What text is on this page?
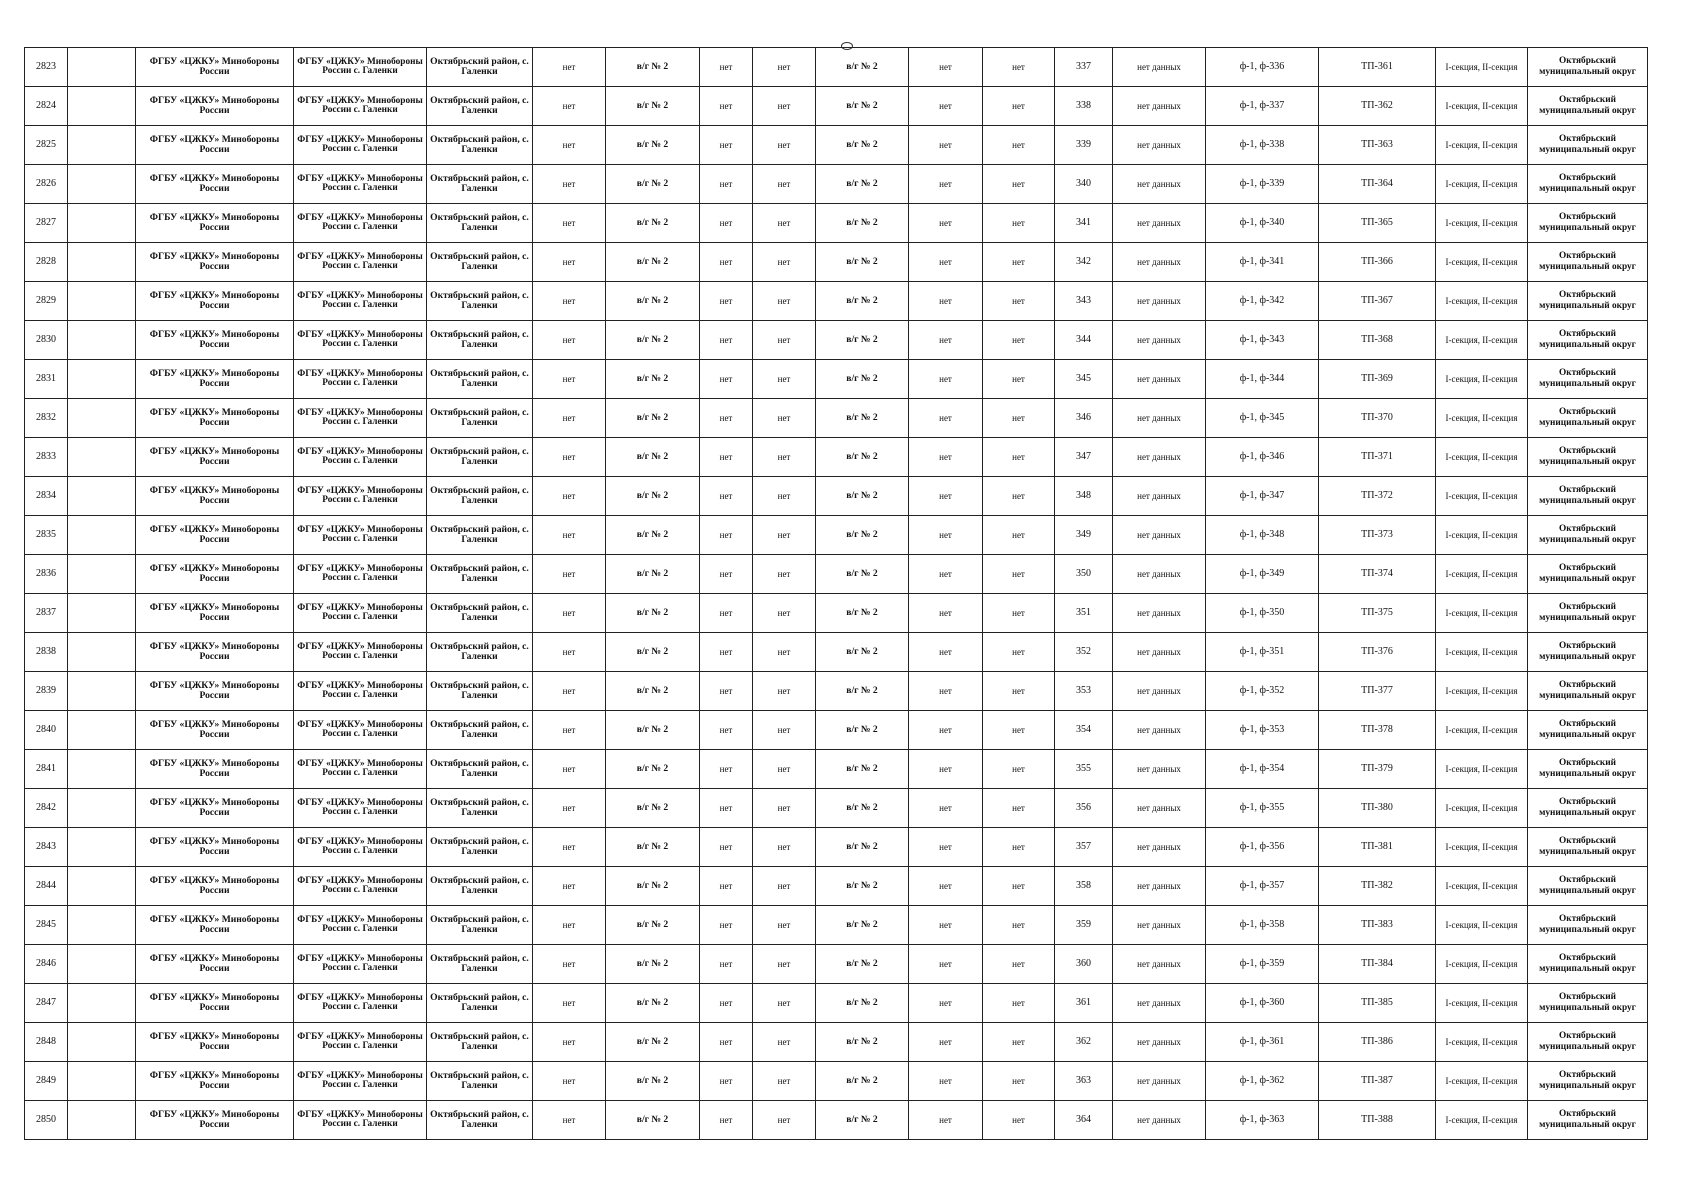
2823		ФГБУ «ЦЖКУ» Минобороны России	ФГБУ «ЦЖКУ» Минобороны России с. Галенки	Октябрьский район, с. Галенки	нет	в/г № 2	нет	нет	в/г № 2	нет	нет	337	нет данных	ф-1, ф-336	ТП-361	I-секция, II-секция	Октябрьский муниципальный округ
2824		ФГБУ «ЦЖКУ» Минобороны России	ФГБУ «ЦЖКУ» Минобороны России с. Галенки	Октябрьский район, с. Галенки	нет	в/г № 2	нет	нет	в/г № 2	нет	нет	338	нет данных	ф-1, ф-337	ТП-362	I-секция, II-секция	Октябрьский муниципальный округ
2825		ФГБУ «ЦЖКУ» Минобороны России	ФГБУ «ЦЖКУ» Минобороны России с. Галенки	Октябрьский район, с. Галенки	нет	в/г № 2	нет	нет	в/г № 2	нет	нет	339	нет данных	ф-1, ф-338	ТП-363	I-секция, II-секция	Октябрьский муниципальный округ
2826		ФГБУ «ЦЖКУ» Минобороны России	ФГБУ «ЦЖКУ» Минобороны России с. Галенки	Октябрьский район, с. Галенки	нет	в/г № 2	нет	нет	в/г № 2	нет	нет	340	нет данных	ф-1, ф-339	ТП-364	I-секция, II-секция	Октябрьский муниципальный округ
2827		ФГБУ «ЦЖКУ» Минобороны России	ФГБУ «ЦЖКУ» Минобороны России с. Галенки	Октябрьский район, с. Галенки	нет	в/г № 2	нет	нет	в/г № 2	нет	нет	341	нет данных	ф-1, ф-340	ТП-365	I-секция, II-секция	Октябрьский муниципальный округ
2828		ФГБУ «ЦЖКУ» Минобороны России	ФГБУ «ЦЖКУ» Минобороны России с. Галенки	Октябрьский район, с. Галенки	нет	в/г № 2	нет	нет	в/г № 2	нет	нет	342	нет данных	ф-1, ф-341	ТП-366	I-секция, II-секция	Октябрьский муниципальный округ
2829		ФГБУ «ЦЖКУ» Минобороны России	ФГБУ «ЦЖКУ» Минобороны России с. Галенки	Октябрьский район, с. Галенки	нет	в/г № 2	нет	нет	в/г № 2	нет	нет	343	нет данных	ф-1, ф-342	ТП-367	I-секция, II-секция	Октябрьский муниципальный округ
2830		ФГБУ «ЦЖКУ» Минобороны России	ФГБУ «ЦЖКУ» Минобороны России с. Галенки	Октябрьский район, с. Галенки	нет	в/г № 2	нет	нет	в/г № 2	нет	нет	344	нет данных	ф-1, ф-343	ТП-368	I-секция, II-секция	Октябрьский муниципальный округ
2831		ФГБУ «ЦЖКУ» Минобороны России	ФГБУ «ЦЖКУ» Минобороны России с. Галенки	Октябрьский район, с. Галенки	нет	в/г № 2	нет	нет	в/г № 2	нет	нет	345	нет данных	ф-1, ф-344	ТП-369	I-секция, II-секция	Октябрьский муниципальный округ
2832		ФГБУ «ЦЖКУ» Минобороны России	ФГБУ «ЦЖКУ» Минобороны России с. Галенки	Октябрьский район, с. Галенки	нет	в/г № 2	нет	нет	в/г № 2	нет	нет	346	нет данных	ф-1, ф-345	ТП-370	I-секция, II-секция	Октябрьский муниципальный округ
2833		ФГБУ «ЦЖКУ» Минобороны России	ФГБУ «ЦЖКУ» Минобороны России с. Галенки	Октябрьский район, с. Галенки	нет	в/г № 2	нет	нет	в/г № 2	нет	нет	347	нет данных	ф-1, ф-346	ТП-371	I-секция, II-секция	Октябрьский муниципальный округ
2834		ФГБУ «ЦЖКУ» Минобороны России	ФГБУ «ЦЖКУ» Минобороны России с. Галенки	Октябрьский район, с. Галенки	нет	в/г № 2	нет	нет	в/г № 2	нет	нет	348	нет данных	ф-1, ф-347	ТП-372	I-секция, II-секция	Октябрьский муниципальный округ
2835		ФГБУ «ЦЖКУ» Минобороны России	ФГБУ «ЦЖКУ» Минобороны России с. Галенки	Октябрьский район, с. Галенки	нет	в/г № 2	нет	нет	в/г № 2	нет	нет	349	нет данных	ф-1, ф-348	ТП-373	I-секция, II-секция	Октябрьский муниципальный округ
2836		ФГБУ «ЦЖКУ» Минобороны России	ФГБУ «ЦЖКУ» Минобороны России с. Галенки	Октябрьский район, с. Галенки	нет	в/г № 2	нет	нет	в/г № 2	нет	нет	350	нет данных	ф-1, ф-349	ТП-374	I-секция, II-секция	Октябрьский муниципальный округ
2837		ФГБУ «ЦЖКУ» Минобороны России	ФГБУ «ЦЖКУ» Минобороны России с. Галенки	Октябрьский район, с. Галенки	нет	в/г № 2	нет	нет	в/г № 2	нет	нет	351	нет данных	ф-1, ф-350	ТП-375	I-секция, II-секция	Октябрьский муниципальный округ
2838		ФГБУ «ЦЖКУ» Минобороны России	ФГБУ «ЦЖКУ» Минобороны России с. Галенки	Октябрьский район, с. Галенки	нет	в/г № 2	нет	нет	в/г № 2	нет	нет	352	нет данных	ф-1, ф-351	ТП-376	I-секция, II-секция	Октябрьский муниципальный округ
2839		ФГБУ «ЦЖКУ» Минобороны России	ФГБУ «ЦЖКУ» Минобороны России с. Галенки	Октябрьский район, с. Галенки	нет	в/г № 2	нет	нет	в/г № 2	нет	нет	353	нет данных	ф-1, ф-352	ТП-377	I-секция, II-секция	Октябрьский муниципальный округ
2840		ФГБУ «ЦЖКУ» Минобороны России	ФГБУ «ЦЖКУ» Минобороны России с. Галенки	Октябрьский район, с. Галенки	нет	в/г № 2	нет	нет	в/г № 2	нет	нет	354	нет данных	ф-1, ф-353	ТП-378	I-секция, II-секция	Октябрьский муниципальный округ
2841		ФГБУ «ЦЖКУ» Минобороны России	ФГБУ «ЦЖКУ» Минобороны России с. Галенки	Октябрьский район, с. Галенки	нет	в/г № 2	нет	нет	в/г № 2	нет	нет	355	нет данных	ф-1, ф-354	ТП-379	I-секция, II-секция	Октябрьский муниципальный округ
2842		ФГБУ «ЦЖКУ» Минобороны России	ФГБУ «ЦЖКУ» Минобороны России с. Галенки	Октябрьский район, с. Галенки	нет	в/г № 2	нет	нет	в/г № 2	нет	нет	356	нет данных	ф-1, ф-355	ТП-380	I-секция, II-секция	Октябрьский муниципальный округ
2843		ФГБУ «ЦЖКУ» Минобороны России	ФГБУ «ЦЖКУ» Минобороны России с. Галенки	Октябрьский район, с. Галенки	нет	в/г № 2	нет	нет	в/г № 2	нет	нет	357	нет данных	ф-1, ф-356	ТП-381	I-секция, II-секция	Октябрьский муниципальный округ
2844		ФГБУ «ЦЖКУ» Минобороны России	ФГБУ «ЦЖКУ» Минобороны России с. Галенки	Октябрьский район, с. Галенки	нет	в/г № 2	нет	нет	в/г № 2	нет	нет	358	нет данных	ф-1, ф-357	ТП-382	I-секция, II-секция	Октябрьский муниципальный округ
2845		ФГБУ «ЦЖКУ» Минобороны России	ФГБУ «ЦЖКУ» Минобороны России с. Галенки	Октябрьский район, с. Галенки	нет	в/г № 2	нет	нет	в/г № 2	нет	нет	359	нет данных	ф-1, ф-358	ТП-383	I-секция, II-секция	Октябрьский муниципальный округ
2846		ФГБУ «ЦЖКУ» Минобороны России	ФГБУ «ЦЖКУ» Минобороны России с. Галенки	Октябрьский район, с. Галенки	нет	в/г № 2	нет	нет	в/г № 2	нет	нет	360	нет данных	ф-1, ф-359	ТП-384	I-секция, II-секция	Октябрьский муниципальный округ
2847		ФГБУ «ЦЖКУ» Минобороны России	ФГБУ «ЦЖКУ» Минобороны России с. Галенки	Октябрьский район, с. Галенки	нет	в/г № 2	нет	нет	в/г № 2	нет	нет	361	нет данных	ф-1, ф-360	ТП-385	I-секция, II-секция	Октябрьский муниципальный округ
2848		ФГБУ «ЦЖКУ» Минобороны России	ФГБУ «ЦЖКУ» Минобороны России с. Галенки	Октябрьский район, с. Галенки	нет	в/г № 2	нет	нет	в/г № 2	нет	нет	362	нет данных	ф-1, ф-361	ТП-386	I-секция, II-секция	Октябрьский муниципальный округ
2849		ФГБУ «ЦЖКУ» Минобороны России	ФГБУ «ЦЖКУ» Минобороны России с. Галенки	Октябрьский район, с. Галенки	нет	в/г № 2	нет	нет	в/г № 2	нет	нет	363	нет данных	ф-1, ф-362	ТП-387	I-секция, II-секция	Октябрьский муниципальный округ
2850		ФГБУ «ЦЖКУ» Минобороны России	ФГБУ «ЦЖКУ» Минобороны России с. Галенки	Октябрьский район, с. Галенки	нет	в/г № 2	нет	нет	в/г № 2	нет	нет	364	нет данных	ф-1, ф-363	ТП-388	I-секция, II-секция	Октябрьский муниципальный округ
